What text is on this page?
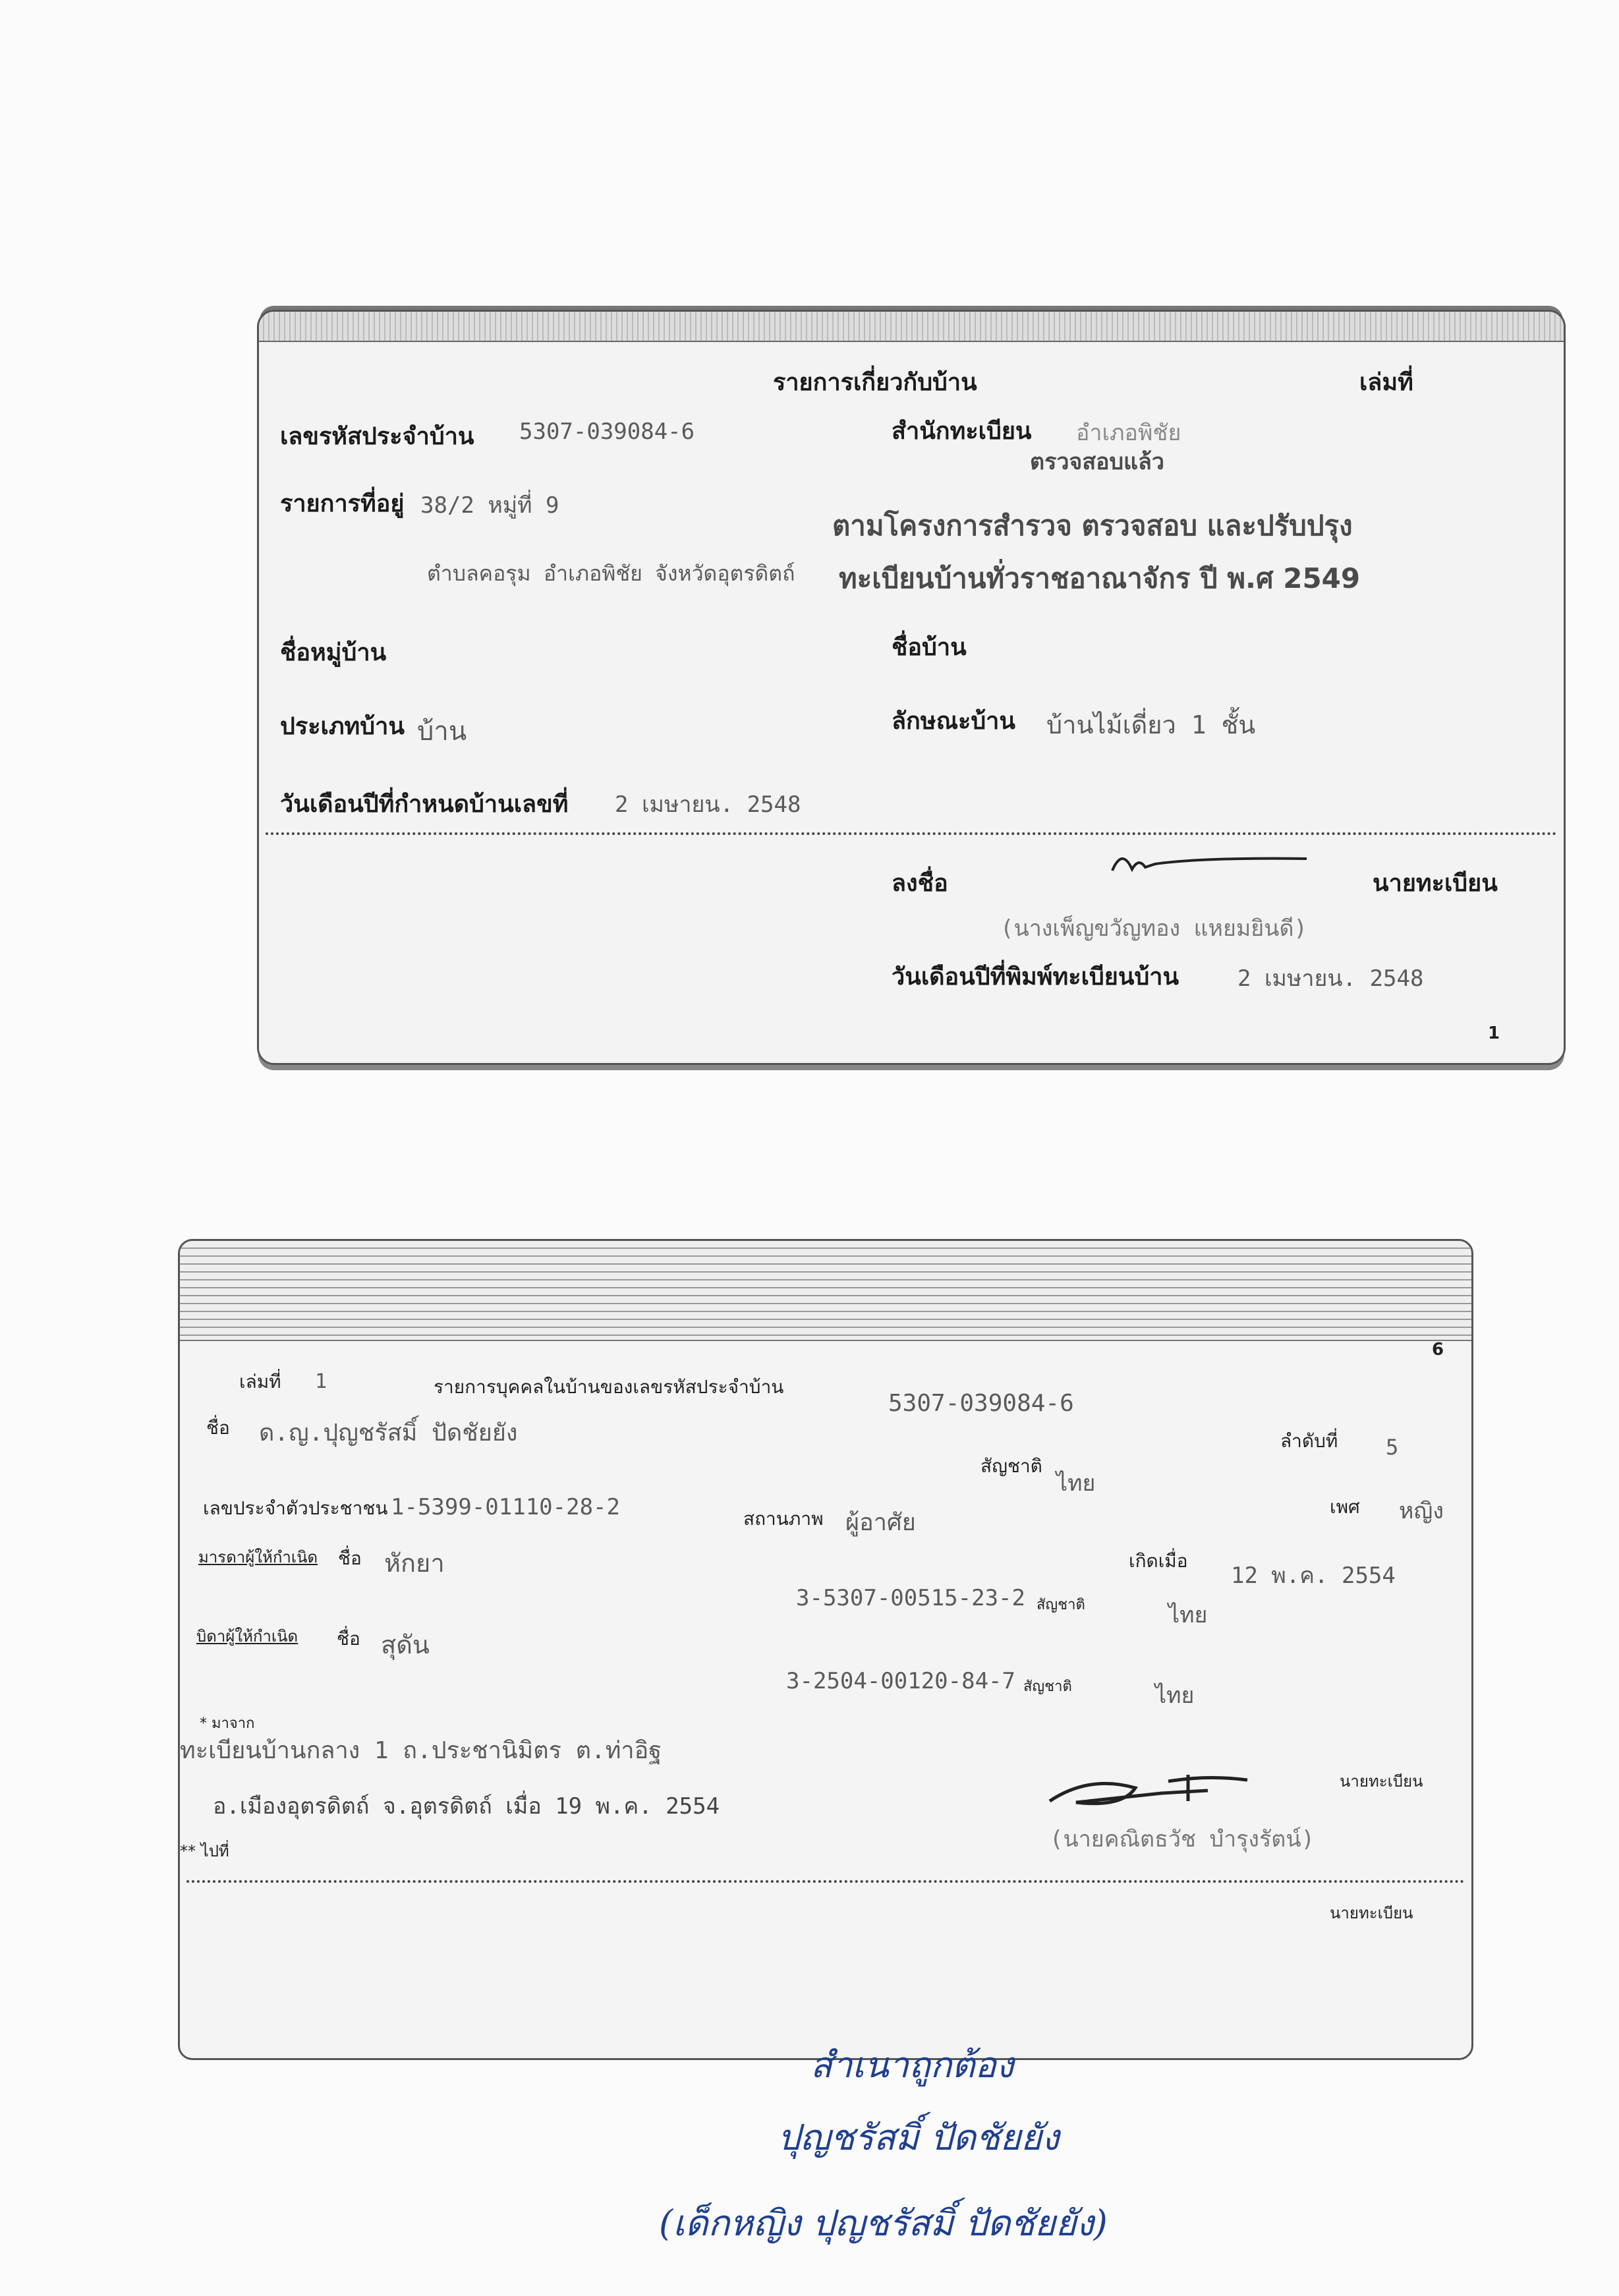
รายการเกี่ยวกับบ้าน	เล่มที่
เลขรหัสประจำบ้าน 5307-039084-6	สำนักทะเบียน อำเภอพิชัย
ตรวจสอบแล้ว
รายการที่อยู่ 38/2 หมู่ที่ 9
ตามโครงการสำรวจ ตรวจสอบ และปรับปรุง
ตำบลคอรุม อำเภอพิชัย จังหวัดอุตรดิตถ์ ทะเบียนบ้านทั่วราชอาณาจักร ปี พ.ศ 2549
ชื่อหมู่บ้าน	ชื่อบ้าน
ประเภทบ้าน บ้าน	ลักษณะบ้าน บ้านไม้เดี่ยว 1 ชั้น
วันเดือนปีที่กำหนดบ้านเลขที่ 2 เมษายน. 2548
ลงชื่อ	นายทะเบียน
(นางเพ็ญขวัญทอง แหยมยินดี)
วันเดือนปีที่พิมพ์ทะเบียนบ้าน	2 เมษายน. 2548
1
6
เล่มที่ 1	รายการบุคคลในบ้านของเลขรหัสประจำบ้าน
5307-039084-6
ชื่อ ด.ญ.ปุญชรัสมิ์ ปัดชัยยัง	ลำดับที่ 5
สัญชาติ
ไทย
เลขประจำตัวประชาชน 1-5399-01110-28-2	สถานภาพ ผู้อาศัย
เพศ หญิง
มารดาผู้ให้กำเนิด ชื่อ หักยา	เกิดเมื่อ
12 พ.ค. 2554
3-5307-00515-23-2 สัญชาติ	ไทย
บิดาผู้ให้กำเนิด ชื่อ สุดัน
3-2504-00120-84-7 สัญชาติ	ไทย
* มาจาก
ทะเบียนบ้านกลาง 1 ถ.ประชานิมิตร ต.ท่าอิฐ
อ.เมืองอุตรดิตถ์ จ.อุตรดิตถ์ เมื่อ 19 พ.ค. 2554
นายทะเบียน
(นายคณิตธวัช บำรุงรัตน์)
** ไปที่
นายทะเบียน
สำเนาถูกต้อง
ปุญชรัสมิ์ ปัดชัยยัง
(เด็กหญิง ปุญชรัสมิ์ ปัดชัยยัง)
